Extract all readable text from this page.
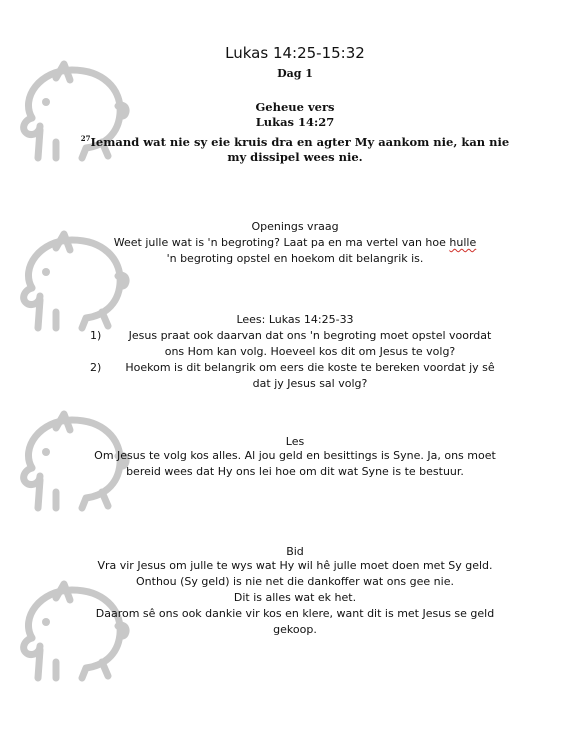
Lukas 14:25-15:32
Dag 1
Geheue vers
Lukas 14:27
$^{27}$Iemand wat nie sy eie kruis dra en agter My aankom nie, kan nie my dissipel wees nie.
Openings vraag
Weet julle wat is 'n begroting? Laat pa en ma vertel van hoe hulle
'n begroting opstel en hoekom dit belangrik is.
Lees: Lukas 14:25-33
1)	Jesus praat ook daarvan dat ons 'n begroting moet opstel voordat ons Hom kan volg. Hoeveel kos dit om Jesus te volg?
2)	Hoekom is dit belangrik om eers die koste te bereken voordat jy sê dat jy Jesus sal volg?
Les
Om Jesus te volg kos alles. Al jou geld en besittings is Syne. Ja, ons moet bereid wees dat Hy ons lei hoe om dit wat Syne is te bestuur.
Bid
Vra vir Jesus om julle te wys wat Hy wil hê julle moet doen met Sy geld. Onthou (Sy geld) is nie net die dankoffer wat ons gee nie.
Dit is alles wat ek het.
Daarom sê ons ook dankie vir kos en klere, want dit is met Jesus se geld gekoop.
